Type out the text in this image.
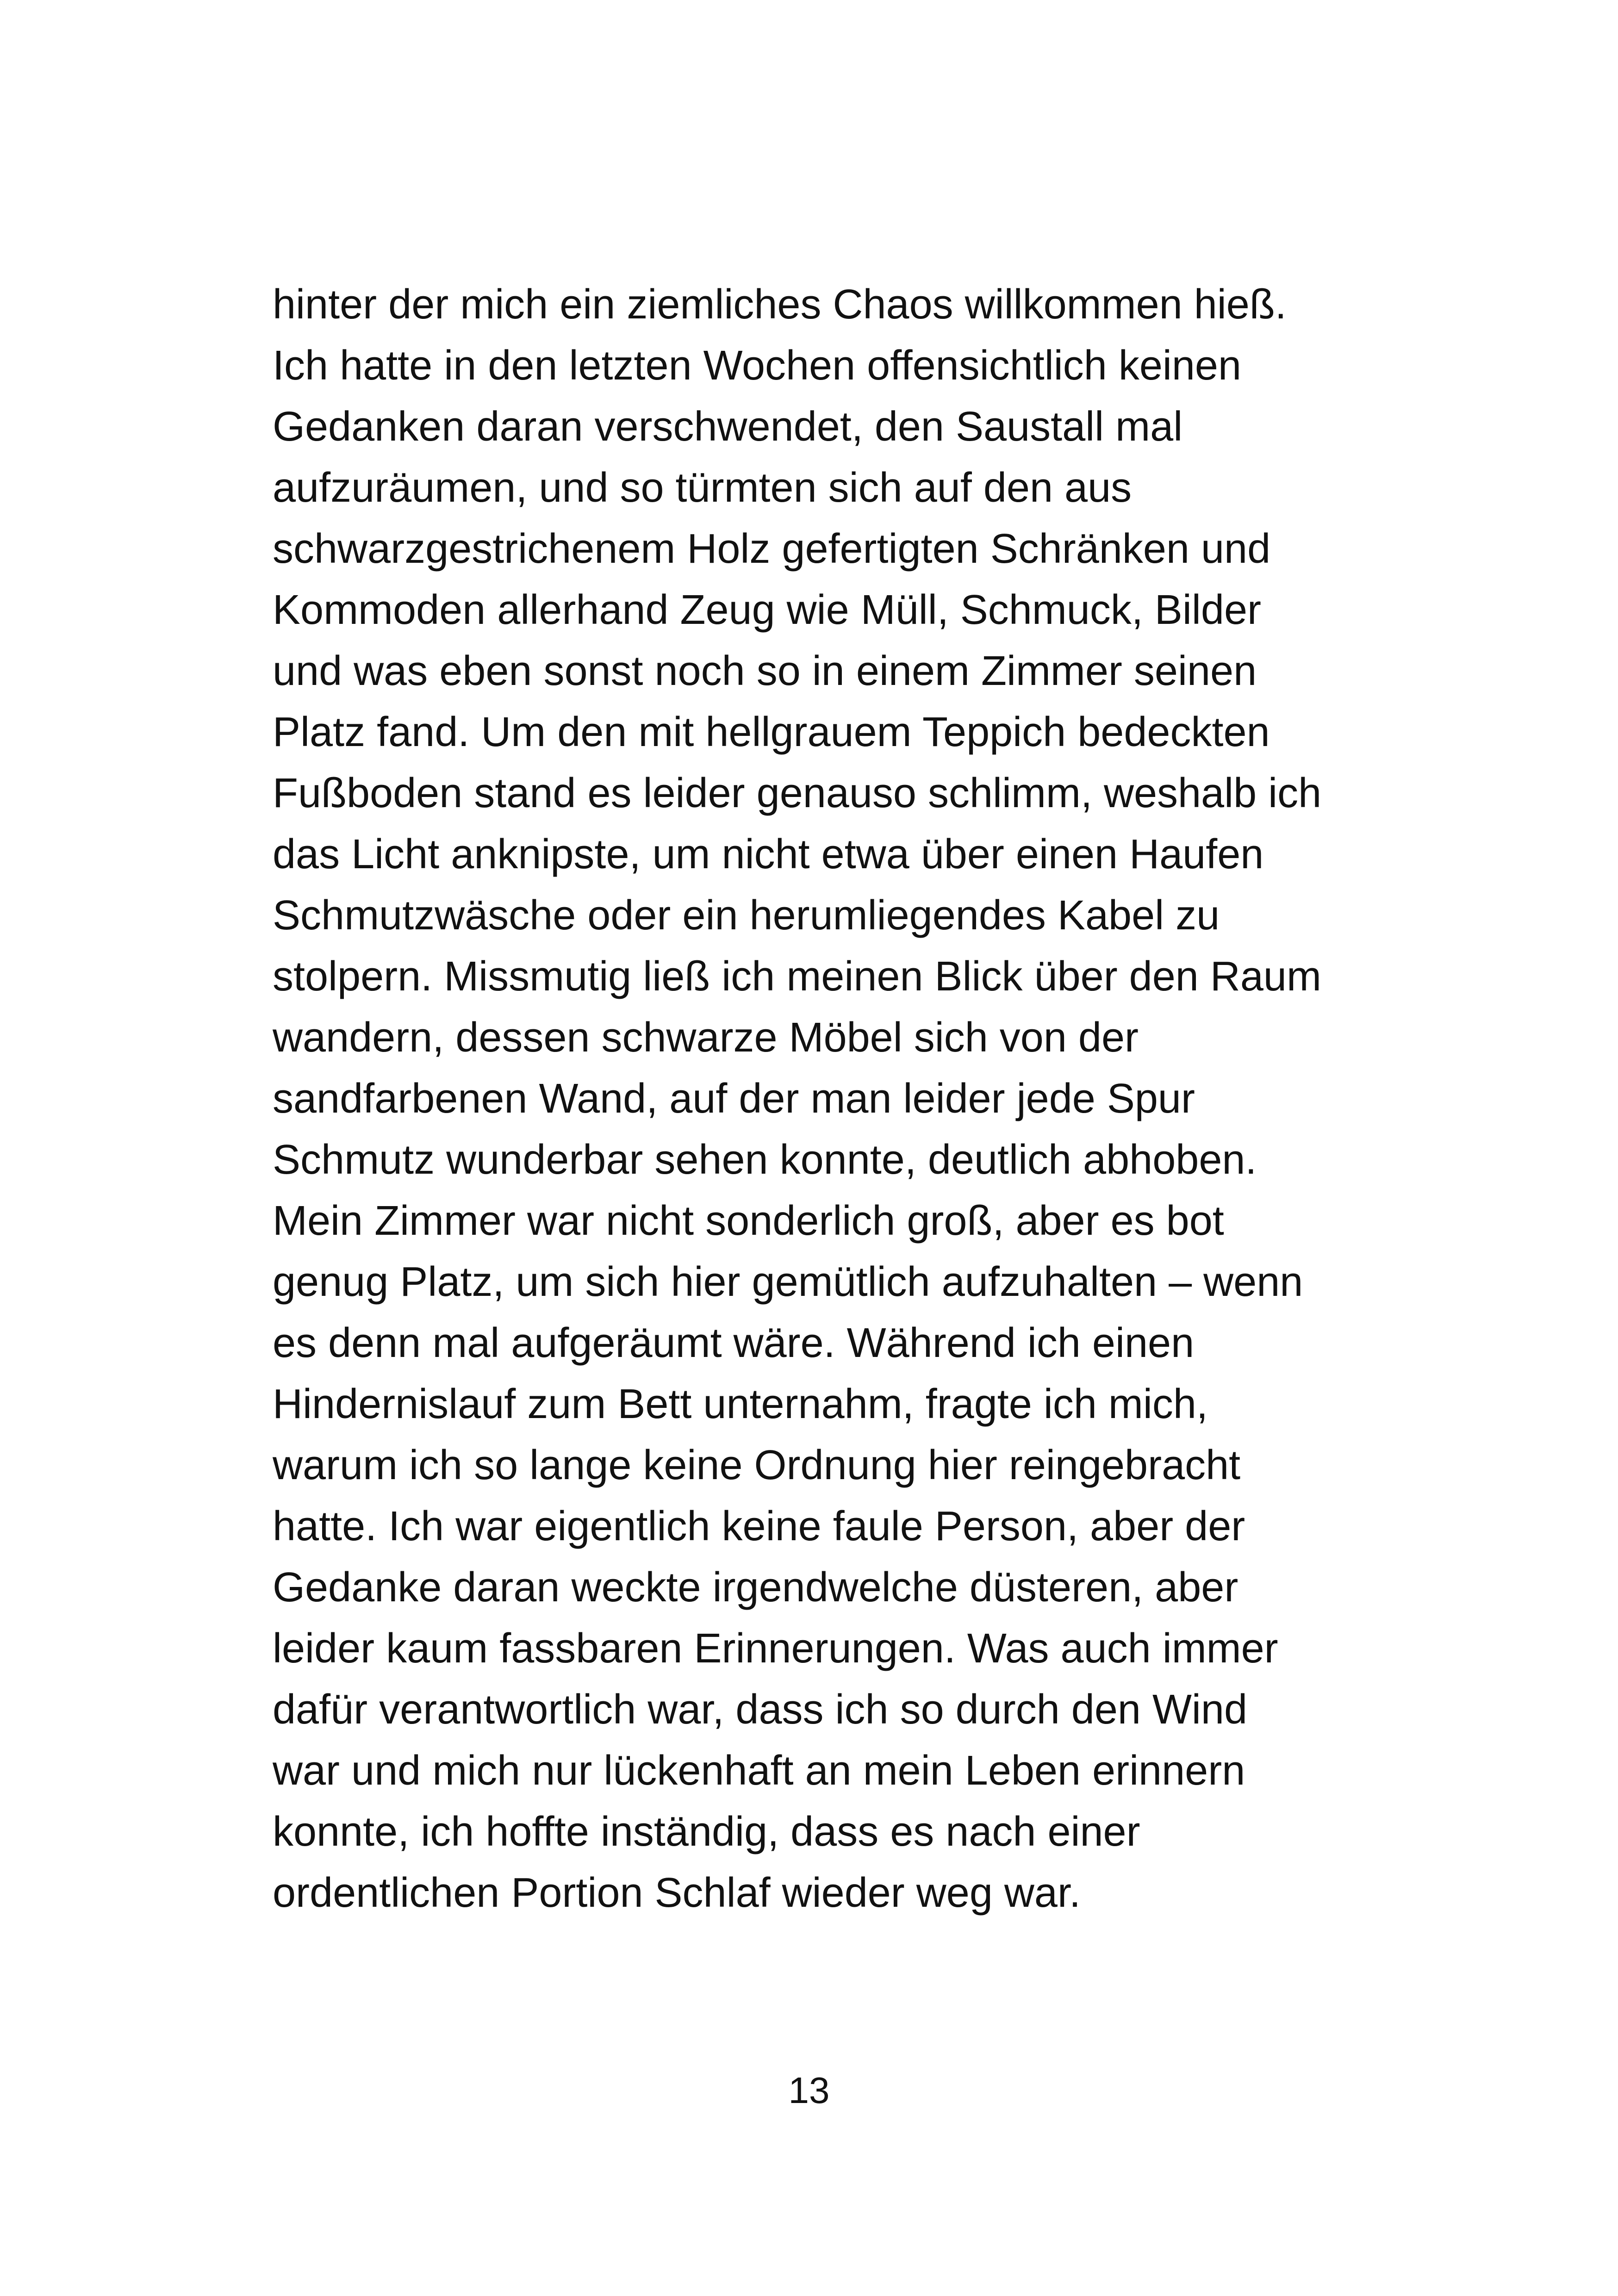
hinter der mich ein ziemliches Chaos willkommen hieß.
Ich hatte in den letzten Wochen offensichtlich keinen
Gedanken daran verschwendet, den Saustall mal
aufzuräumen, und so türmten sich auf den aus
schwarzgestrichenem Holz gefertigten Schränken und
Kommoden allerhand Zeug wie Müll, Schmuck, Bilder
und was eben sonst noch so in einem Zimmer seinen
Platz fand. Um den mit hellgrauem Teppich bedeckten
Fußboden stand es leider genauso schlimm, weshalb ich
das Licht anknipste, um nicht etwa über einen Haufen
Schmutzwäsche oder ein herumliegendes Kabel zu
stolpern. Missmutig ließ ich meinen Blick über den Raum
wandern, dessen schwarze Möbel sich von der
sandfarbenen Wand, auf der man leider jede Spur
Schmutz wunderbar sehen konnte, deutlich abhoben.
Mein Zimmer war nicht sonderlich groß, aber es bot
genug Platz, um sich hier gemütlich aufzuhalten – wenn
es denn mal aufgeräumt wäre. Während ich einen
Hindernislauf zum Bett unternahm, fragte ich mich,
warum ich so lange keine Ordnung hier reingebracht
hatte. Ich war eigentlich keine faule Person, aber der
Gedanke daran weckte irgendwelche düsteren, aber
leider kaum fassbaren Erinnerungen. Was auch immer
dafür verantwortlich war, dass ich so durch den Wind
war und mich nur lückenhaft an mein Leben erinnern
konnte, ich hoffte inständig, dass es nach einer
ordentlichen Portion Schlaf wieder weg war.
13
